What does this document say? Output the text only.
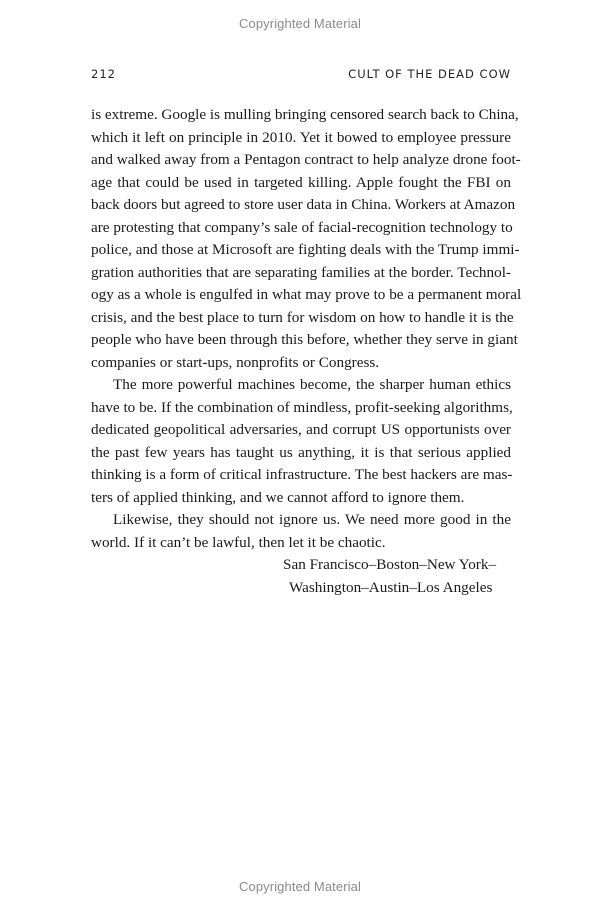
Copyrighted Material
212	CULT OF THE DEAD COW
is extreme. Google is mulling bringing censored search back to China,
which it left on principle in 2010. Yet it bowed to employee pressure
and walked away from a Pentagon contract to help analyze drone foot-
age that could be used in targeted killing. Apple fought the FBI on
back doors but agreed to store user data in China. Workers at Amazon
are protesting that company’s sale of facial-recognition technology to
police, and those at Microsoft are fighting deals with the Trump immi-
gration authorities that are separating families at the border. Technol-
ogy as a whole is engulfed in what may prove to be a permanent moral
crisis, and the best place to turn for wisdom on how to handle it is the
people who have been through this before, whether they serve in giant
companies or start-ups, nonprofits or Congress.
The more powerful machines become, the sharper human ethics
have to be. If the combination of mindless, profit-seeking algorithms,
dedicated geopolitical adversaries, and corrupt US opportunists over
the past few years has taught us anything, it is that serious applied
thinking is a form of critical infrastructure. The best hackers are mas-
ters of applied thinking, and we cannot afford to ignore them.
Likewise, they should not ignore us. We need more good in the
world. If it can’t be lawful, then let it be chaotic.
San Francisco–Boston–New York–
Washington–Austin–Los Angeles
Copyrighted Material
